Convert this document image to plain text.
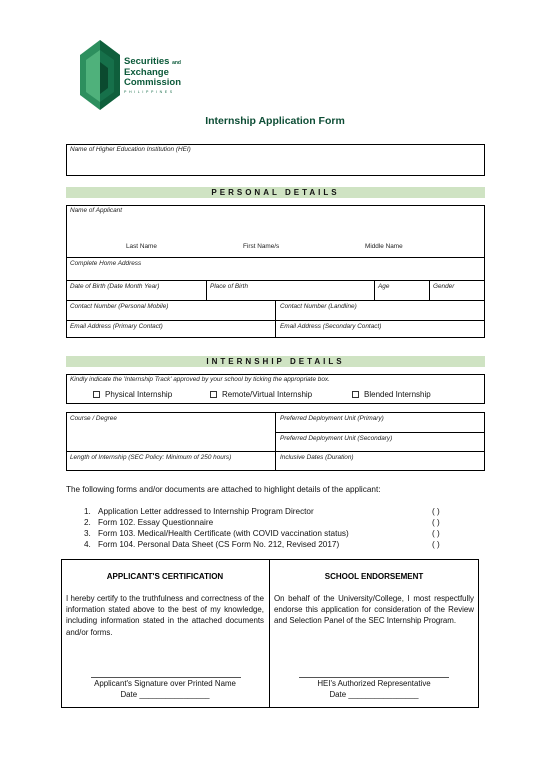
Securities and
Exchange
Commission
PHILIPPINES
Internship Application Form
Name of Higher Education Institution (HEI)
PERSONAL DETAILS
Name of Applicant
Last Name	First Name/s	Middle Name
Complete Home Address
Date of Birth (Date Month Year)	Place of Birth	Age	Gender
Contact Number (Personal Mobile)	Contact Number (Landline)
Email Address (Primary Contact)	Email Address (Secondary Contact)
INTERNSHIP DETAILS
Kindly indicate the 'Internship Track' approved by your school by ticking the appropriate box.
Physical Internship	Remote/Virtual Internship	Blended Internship
Course / Degree	Preferred Deployment Unit (Primary)
Preferred Deployment Unit (Secondary)
Length of Internship (SEC Policy: Minimum of 250 hours)	Inclusive Dates (Duration)
The following forms and/or documents are attached to highlight details of the applicant:
1. Application Letter addressed to Internship Program Director	( )
2. Form 102. Essay Questionnaire	( )
3. Form 103. Medical/Health Certificate (with COVID vaccination status)	( )
4. Form 104. Personal Data Sheet (CS Form No. 212, Revised 2017)	( )
APPLICANT'S CERTIFICATION
I hereby certify to the truthfulness and correctness of the information stated above to the best of my knowledge, including information stated in the attached documents and/or forms.
Applicant's Signature over Printed Name
Date ________________
SCHOOL ENDORSEMENT
On behalf of the University/College, I most respectfully endorse this application for consideration of the Review and Selection Panel of the SEC Internship Program.
HEI's Authorized Representative
Date ________________
